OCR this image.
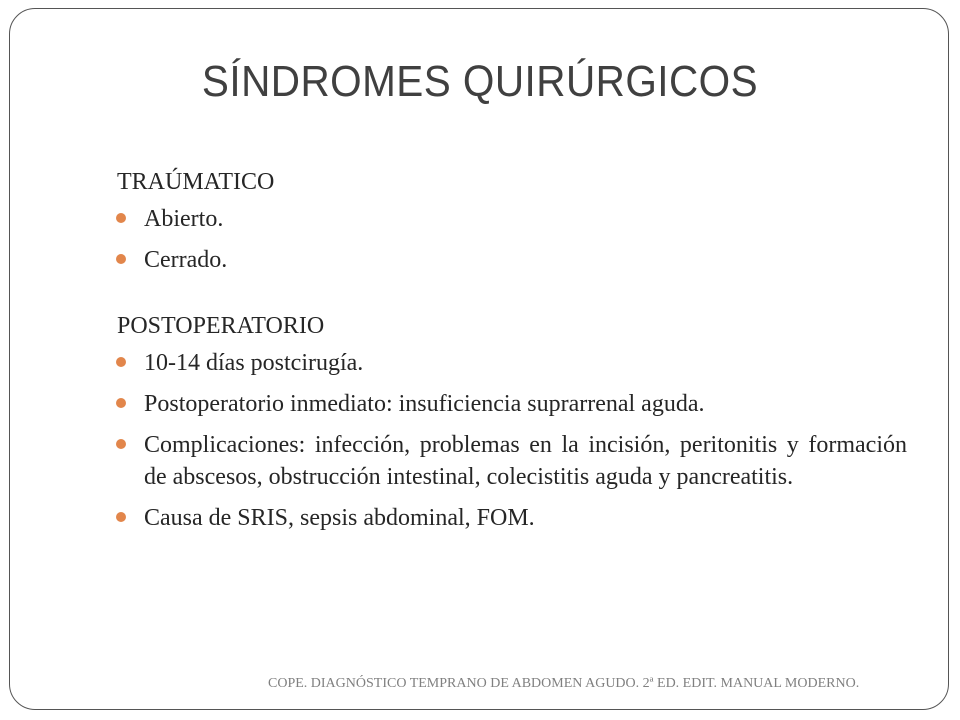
SÍNDROMES QUIRÚRGICOS

TRAÚMATICO

Abierto.
Cerrado.

POSTOPERATORIO

10-14 días postcirugía.
Postoperatorio inmediato: insuficiencia suprarrenal aguda.
Complicaciones: infección, problemas en la incisión, peritonitis y formación de abscesos, obstrucción intestinal, colecistitis aguda y pancreatitis.
Causa de SRIS, sepsis abdominal, FOM.
COPE. DIAGNÓSTICO TEMPRANO DE ABDOMEN AGUDO. 2ª ED. EDIT. MANUAL MODERNO.
